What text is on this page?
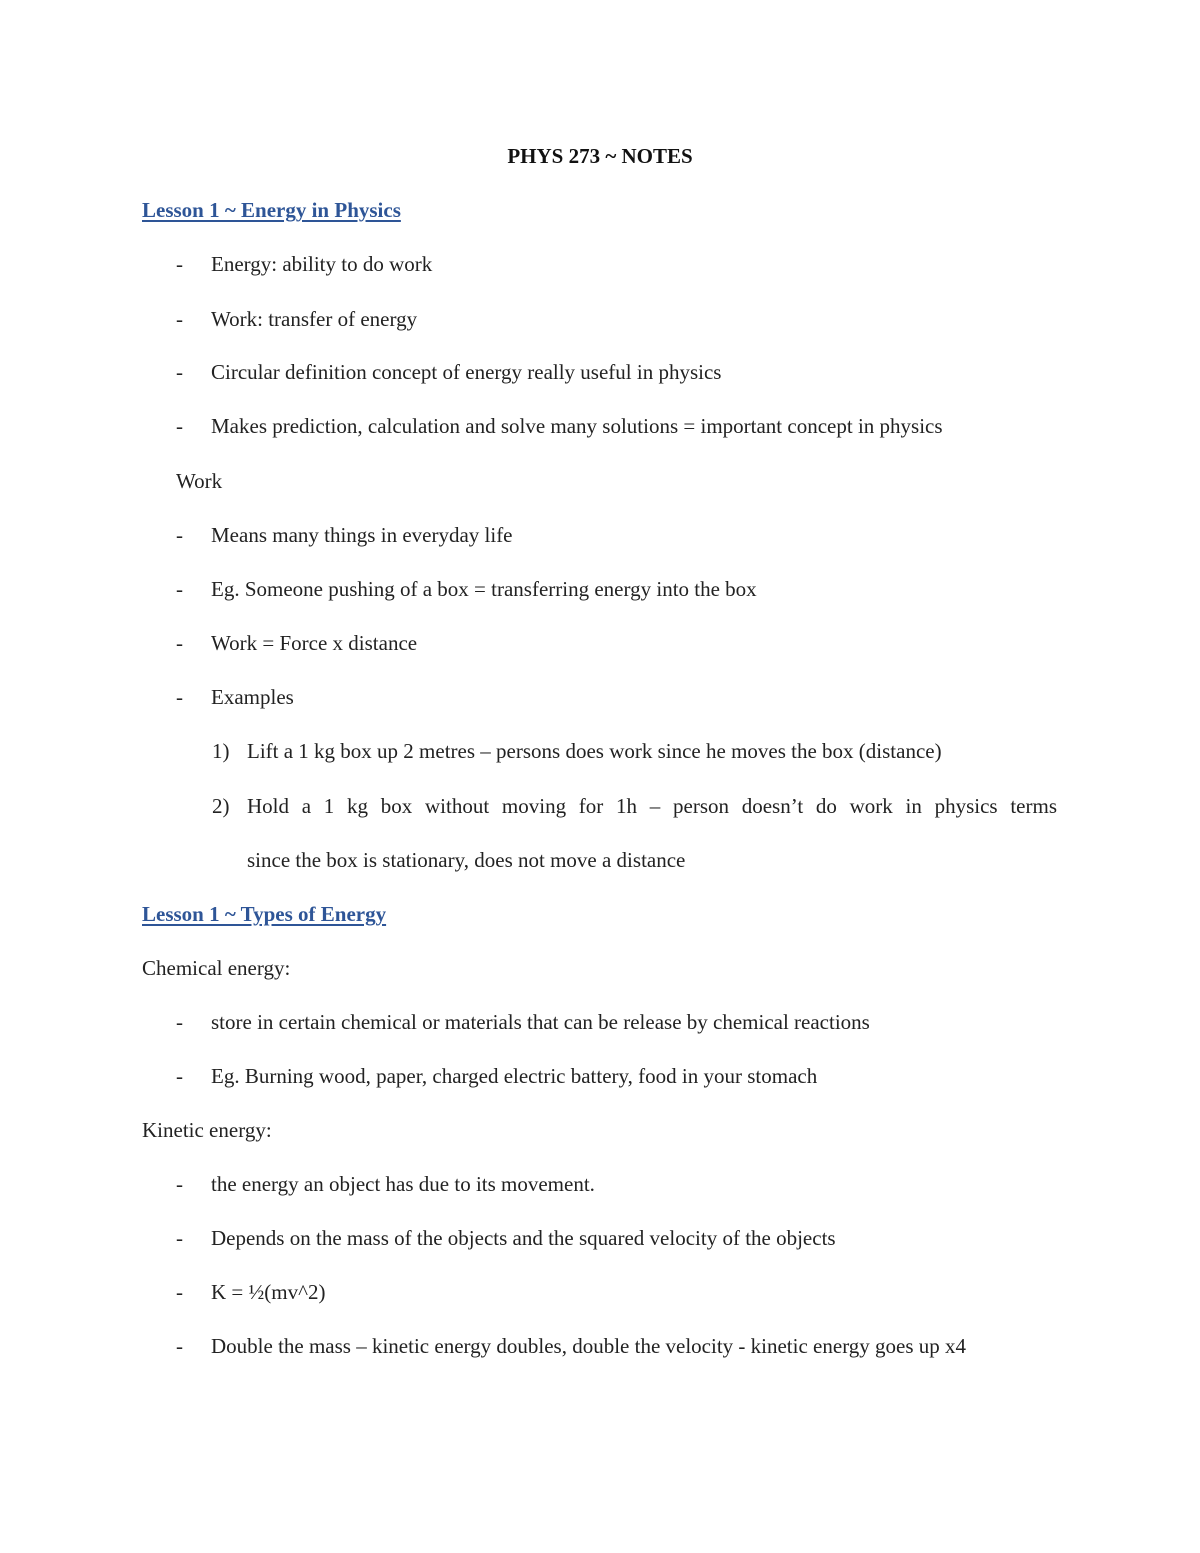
PHYS 273 ~ NOTES
Lesson 1 ~ Energy in Physics
- Energy: ability to do work
- Work: transfer of energy
- Circular definition concept of energy really useful in physics
- Makes prediction, calculation and solve many solutions = important concept in physics
Work
- Means many things in everyday life
- Eg. Someone pushing of a box = transferring energy into the box
- Work = Force x distance
- Examples
1) Lift a 1 kg box up 2 metres – persons does work since he moves the box (distance)
2) Hold a 1 kg box without moving for 1h – person doesn’t do work in physics terms
since the box is stationary, does not move a distance
Lesson 1 ~ Types of Energy
Chemical energy:
- store in certain chemical or materials that can be release by chemical reactions
- Eg. Burning wood, paper, charged electric battery, food in your stomach
Kinetic energy:
- the energy an object has due to its movement.
- Depends on the mass of the objects and the squared velocity of the objects
- K = ½(mv^2)
- Double the mass – kinetic energy doubles, double the velocity - kinetic energy goes up x4
